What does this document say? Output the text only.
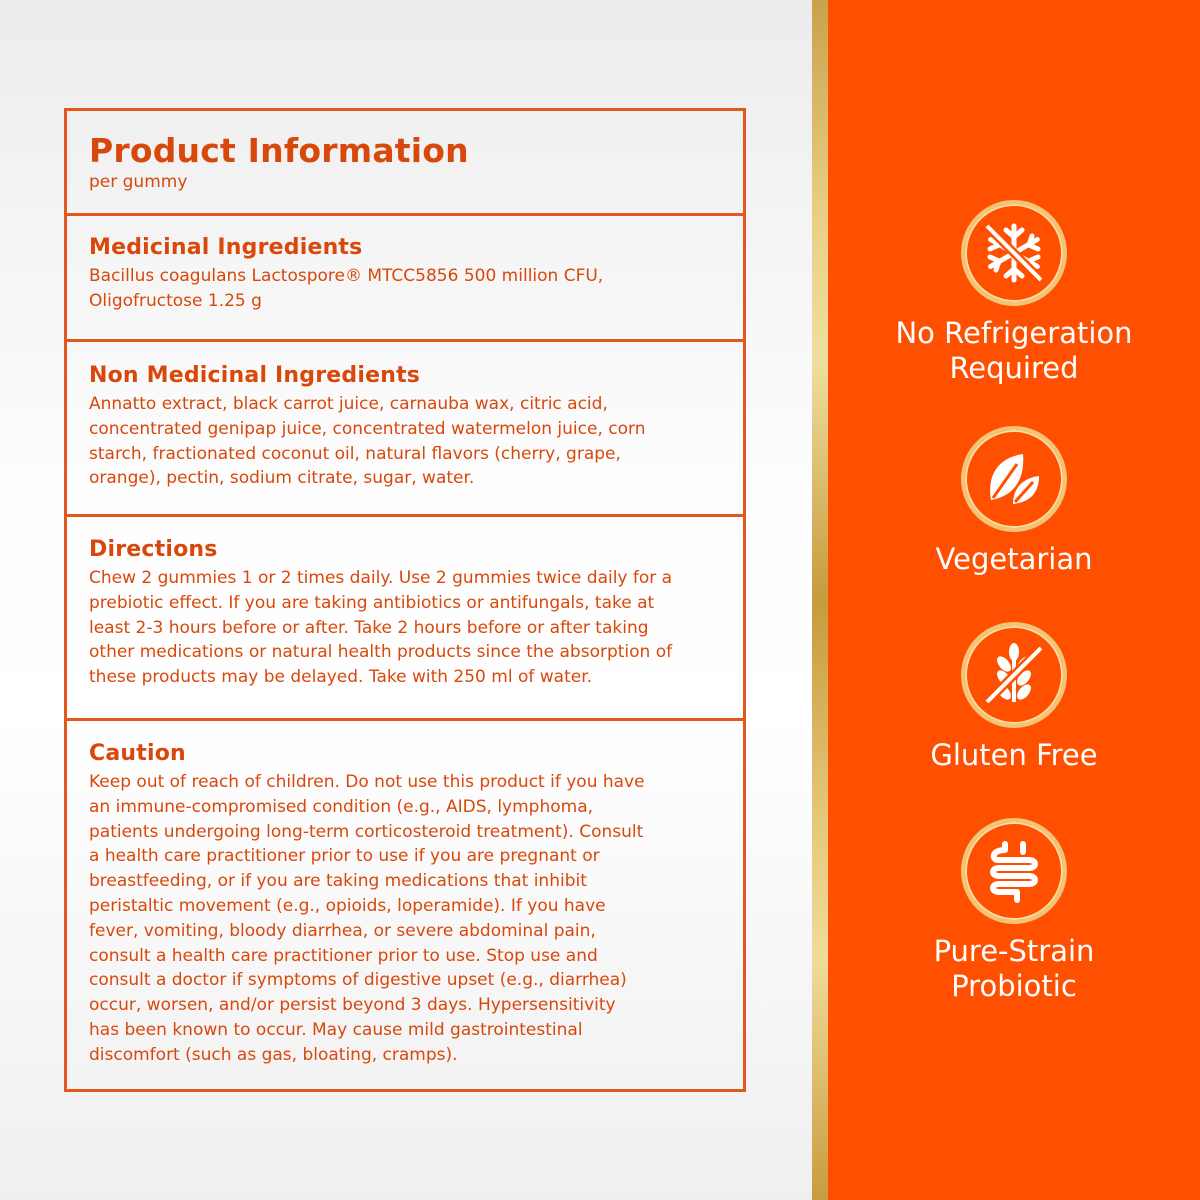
Product Information
per gummy
Medicinal Ingredients
Bacillus coagulans Lactospore® MTCC5856 500 million CFU,
Oligofructose 1.25 g
Non Medicinal Ingredients
Annatto extract, black carrot juice, carnauba wax, citric acid,
concentrated genipap juice, concentrated watermelon juice, corn
starch, fractionated coconut oil, natural flavors (cherry, grape,
orange), pectin, sodium citrate, sugar, water.
Directions
Chew 2 gummies 1 or 2 times daily. Use 2 gummies twice daily for a
prebiotic effect. If you are taking antibiotics or antifungals, take at
least 2-3 hours before or after. Take 2 hours before or after taking
other medications or natural health products since the absorption of
these products may be delayed. Take with 250 ml of water.
Caution
Keep out of reach of children. Do not use this product if you have
an immune-compromised condition (e.g., AIDS, lymphoma,
patients undergoing long-term corticosteroid treatment). Consult
a health care practitioner prior to use if you are pregnant or
breastfeeding, or if you are taking medications that inhibit
peristaltic movement (e.g., opioids, loperamide). If you have
fever, vomiting, bloody diarrhea, or severe abdominal pain,
consult a health care practitioner prior to use. Stop use and
consult a doctor if symptoms of digestive upset (e.g., diarrhea)
occur, worsen, and/or persist beyond 3 days. Hypersensitivity
has been known to occur. May cause mild gastrointestinal
discomfort (such as gas, bloating, cramps).
No Refrigeration
Required
Vegetarian
Gluten Free
Pure-Strain
Probiotic
